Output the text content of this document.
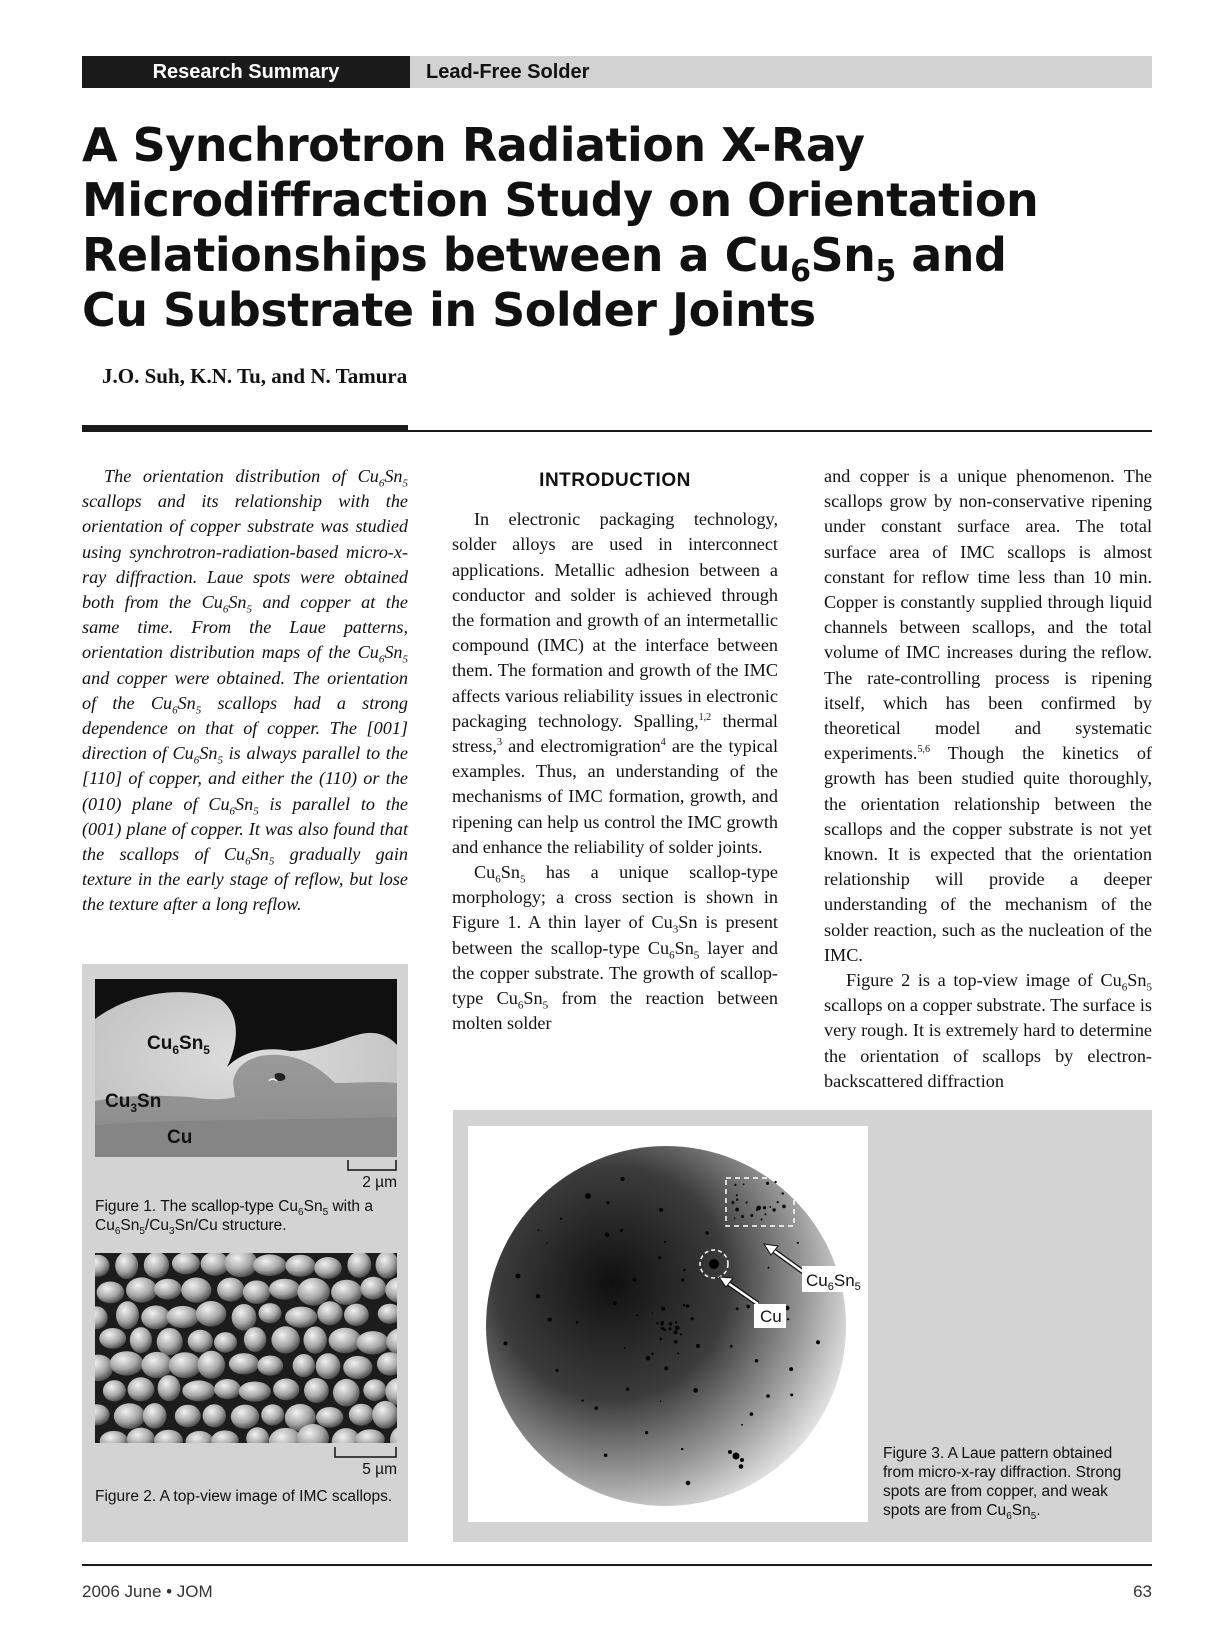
Research Summary	Lead-Free Solder
A Synchrotron Radiation X-Ray
Microdiffraction Study on Orientation
Relationships between a $Cu_6Sn_5$ and
Cu Substrate in Solder Joints
J.O. Suh, K.N. Tu, and N. Tamura

The orientation distribution of $Cu_6Sn_5$ scallops and its relationship with the orientation of copper substrate was studied using synchrotron-radiation-based micro-x-ray diffraction. Laue spots were obtained both from the $Cu_6Sn_5$ and copper at the same time. From the Laue patterns, orientation distribution maps of the $Cu_6Sn_5$ and copper were obtained. The orientation of the $Cu_6Sn_5$ scallops had a strong dependence on that of copper. The [001] direction of $Cu_6Sn_5$ is always parallel to the [110] of copper, and either the (110) or the (010) plane of $Cu_6Sn_5$ is parallel to the (001) plane of copper. It was also found that the scallops of $Cu_6Sn_5$ gradually gain texture in the early stage of reflow, but lose the texture after a long reflow.

INTRODUCTION

In electronic packaging technology, solder alloys are used in interconnect applications. Metallic adhesion between a conductor and solder is achieved through the formation and growth of an intermetallic compound (IMC) at the interface between them. The formation and growth of the IMC affects various reliability issues in electronic packaging technology. Spalling,$^{1,2}$ thermal stress,$^3$ and electromigration$^4$ are the typical examples. Thus, an understanding of the mechanisms of IMC formation, growth, and ripening can help us control the IMC growth and enhance the reliability of solder joints.

$Cu_6Sn_5$ has a unique scallop-type morphology; a cross section is shown in Figure 1. A thin layer of $Cu_3Sn$ is present between the scallop-type $Cu_6Sn_5$ layer and the copper substrate. The growth of scallop-type $Cu_6Sn_5$ from the reaction between molten solder

and copper is a unique phenomenon. The scallops grow by non-conservative ripening under constant surface area. The total surface area of IMC scallops is almost constant for reflow time less than 10 min. Copper is constantly supplied through liquid channels between scallops, and the total volume of IMC increases during the reflow. The rate-controlling process is ripening itself, which has been confirmed by theoretical model and systematic experiments.$^{5,6}$ Though the kinetics of growth has been studied quite thoroughly, the orientation relationship between the scallops and the copper substrate is not yet known. It is expected that the orientation relationship will provide a deeper understanding of the mechanism of the solder reaction, such as the nucleation of the IMC.

Figure 2 is a top-view image of $Cu_6Sn_5$ scallops on a copper substrate. The surface is very rough. It is extremely hard to determine the orientation of scallops by electron-backscattered diffraction

$Cu_6Sn_5$
$Cu_3Sn$
Cu
2 µm
Figure 1. The scallop-type $Cu_6Sn_5$ with a $Cu_6Sn_5/Cu_3Sn/Cu$ structure.
5 µm
Figure 2. A top-view image of IMC scallops.
$Cu_6Sn_5$
Cu
Figure 3. A Laue pattern obtained from micro-x-ray diffraction. Strong spots are from copper, and weak spots are from $Cu_6Sn_5$.
2006 June • JOM	63
